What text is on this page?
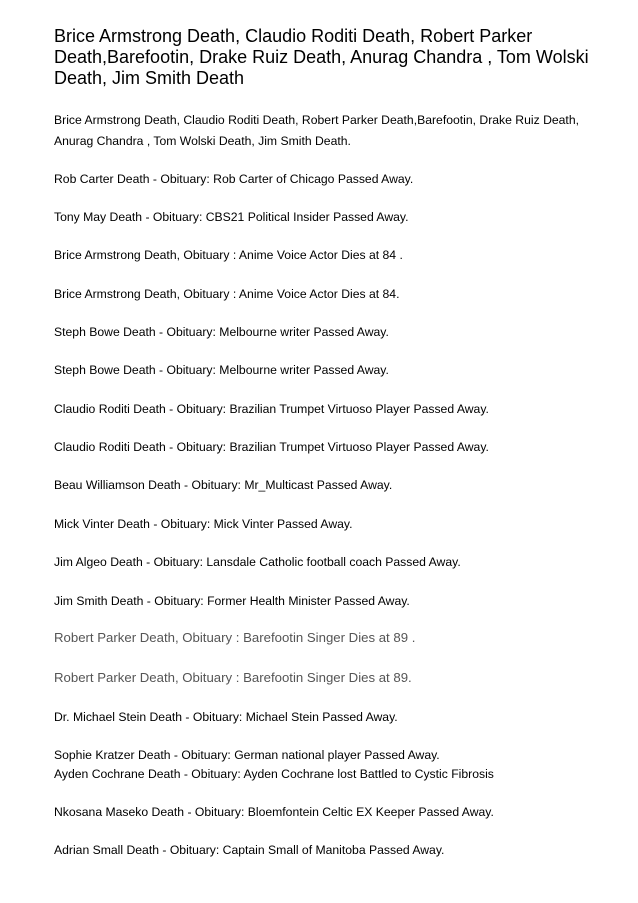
Brice Armstrong Death, Claudio Roditi Death, Robert Parker Death,Barefootin, Drake Ruiz Death, Anurag Chandra , Tom Wolski Death, Jim Smith Death

Brice Armstrong Death, Claudio Roditi Death, Robert Parker Death,Barefootin, Drake Ruiz Death, Anurag Chandra , Tom Wolski Death, Jim Smith Death.

Rob Carter Death - Obituary: Rob Carter of Chicago Passed Away.

Tony May Death - Obituary: CBS21 Political Insider Passed Away.

Brice Armstrong Death, Obituary : Anime Voice Actor Dies at 84 .

Brice Armstrong Death, Obituary : Anime Voice Actor Dies at 84.

Steph Bowe Death - Obituary: Melbourne writer Passed Away.

Steph Bowe Death - Obituary: Melbourne writer Passed Away.

Claudio Roditi Death - Obituary: Brazilian Trumpet Virtuoso Player Passed Away.

Claudio Roditi Death - Obituary: Brazilian Trumpet Virtuoso Player Passed Away.

Beau Williamson Death - Obituary: Mr_Multicast Passed Away.

Mick Vinter Death - Obituary: Mick Vinter Passed Away.

Jim Algeo Death - Obituary: Lansdale Catholic football coach Passed Away.

Jim Smith Death - Obituary: Former Health Minister Passed Away.

Robert Parker Death, Obituary : Barefootin Singer Dies at 89 .

Robert Parker Death, Obituary : Barefootin Singer Dies at 89.

Dr. Michael Stein Death - Obituary: Michael Stein Passed Away.

Sophie Kratzer Death - Obituary: German national player Passed Away.

Ayden Cochrane Death - Obituary: Ayden Cochrane lost Battled to Cystic Fibrosis

Nkosana Maseko Death - Obituary: Bloemfontein Celtic EX Keeper Passed Away.

Adrian Small Death - Obituary: Captain Small of Manitoba Passed Away.
